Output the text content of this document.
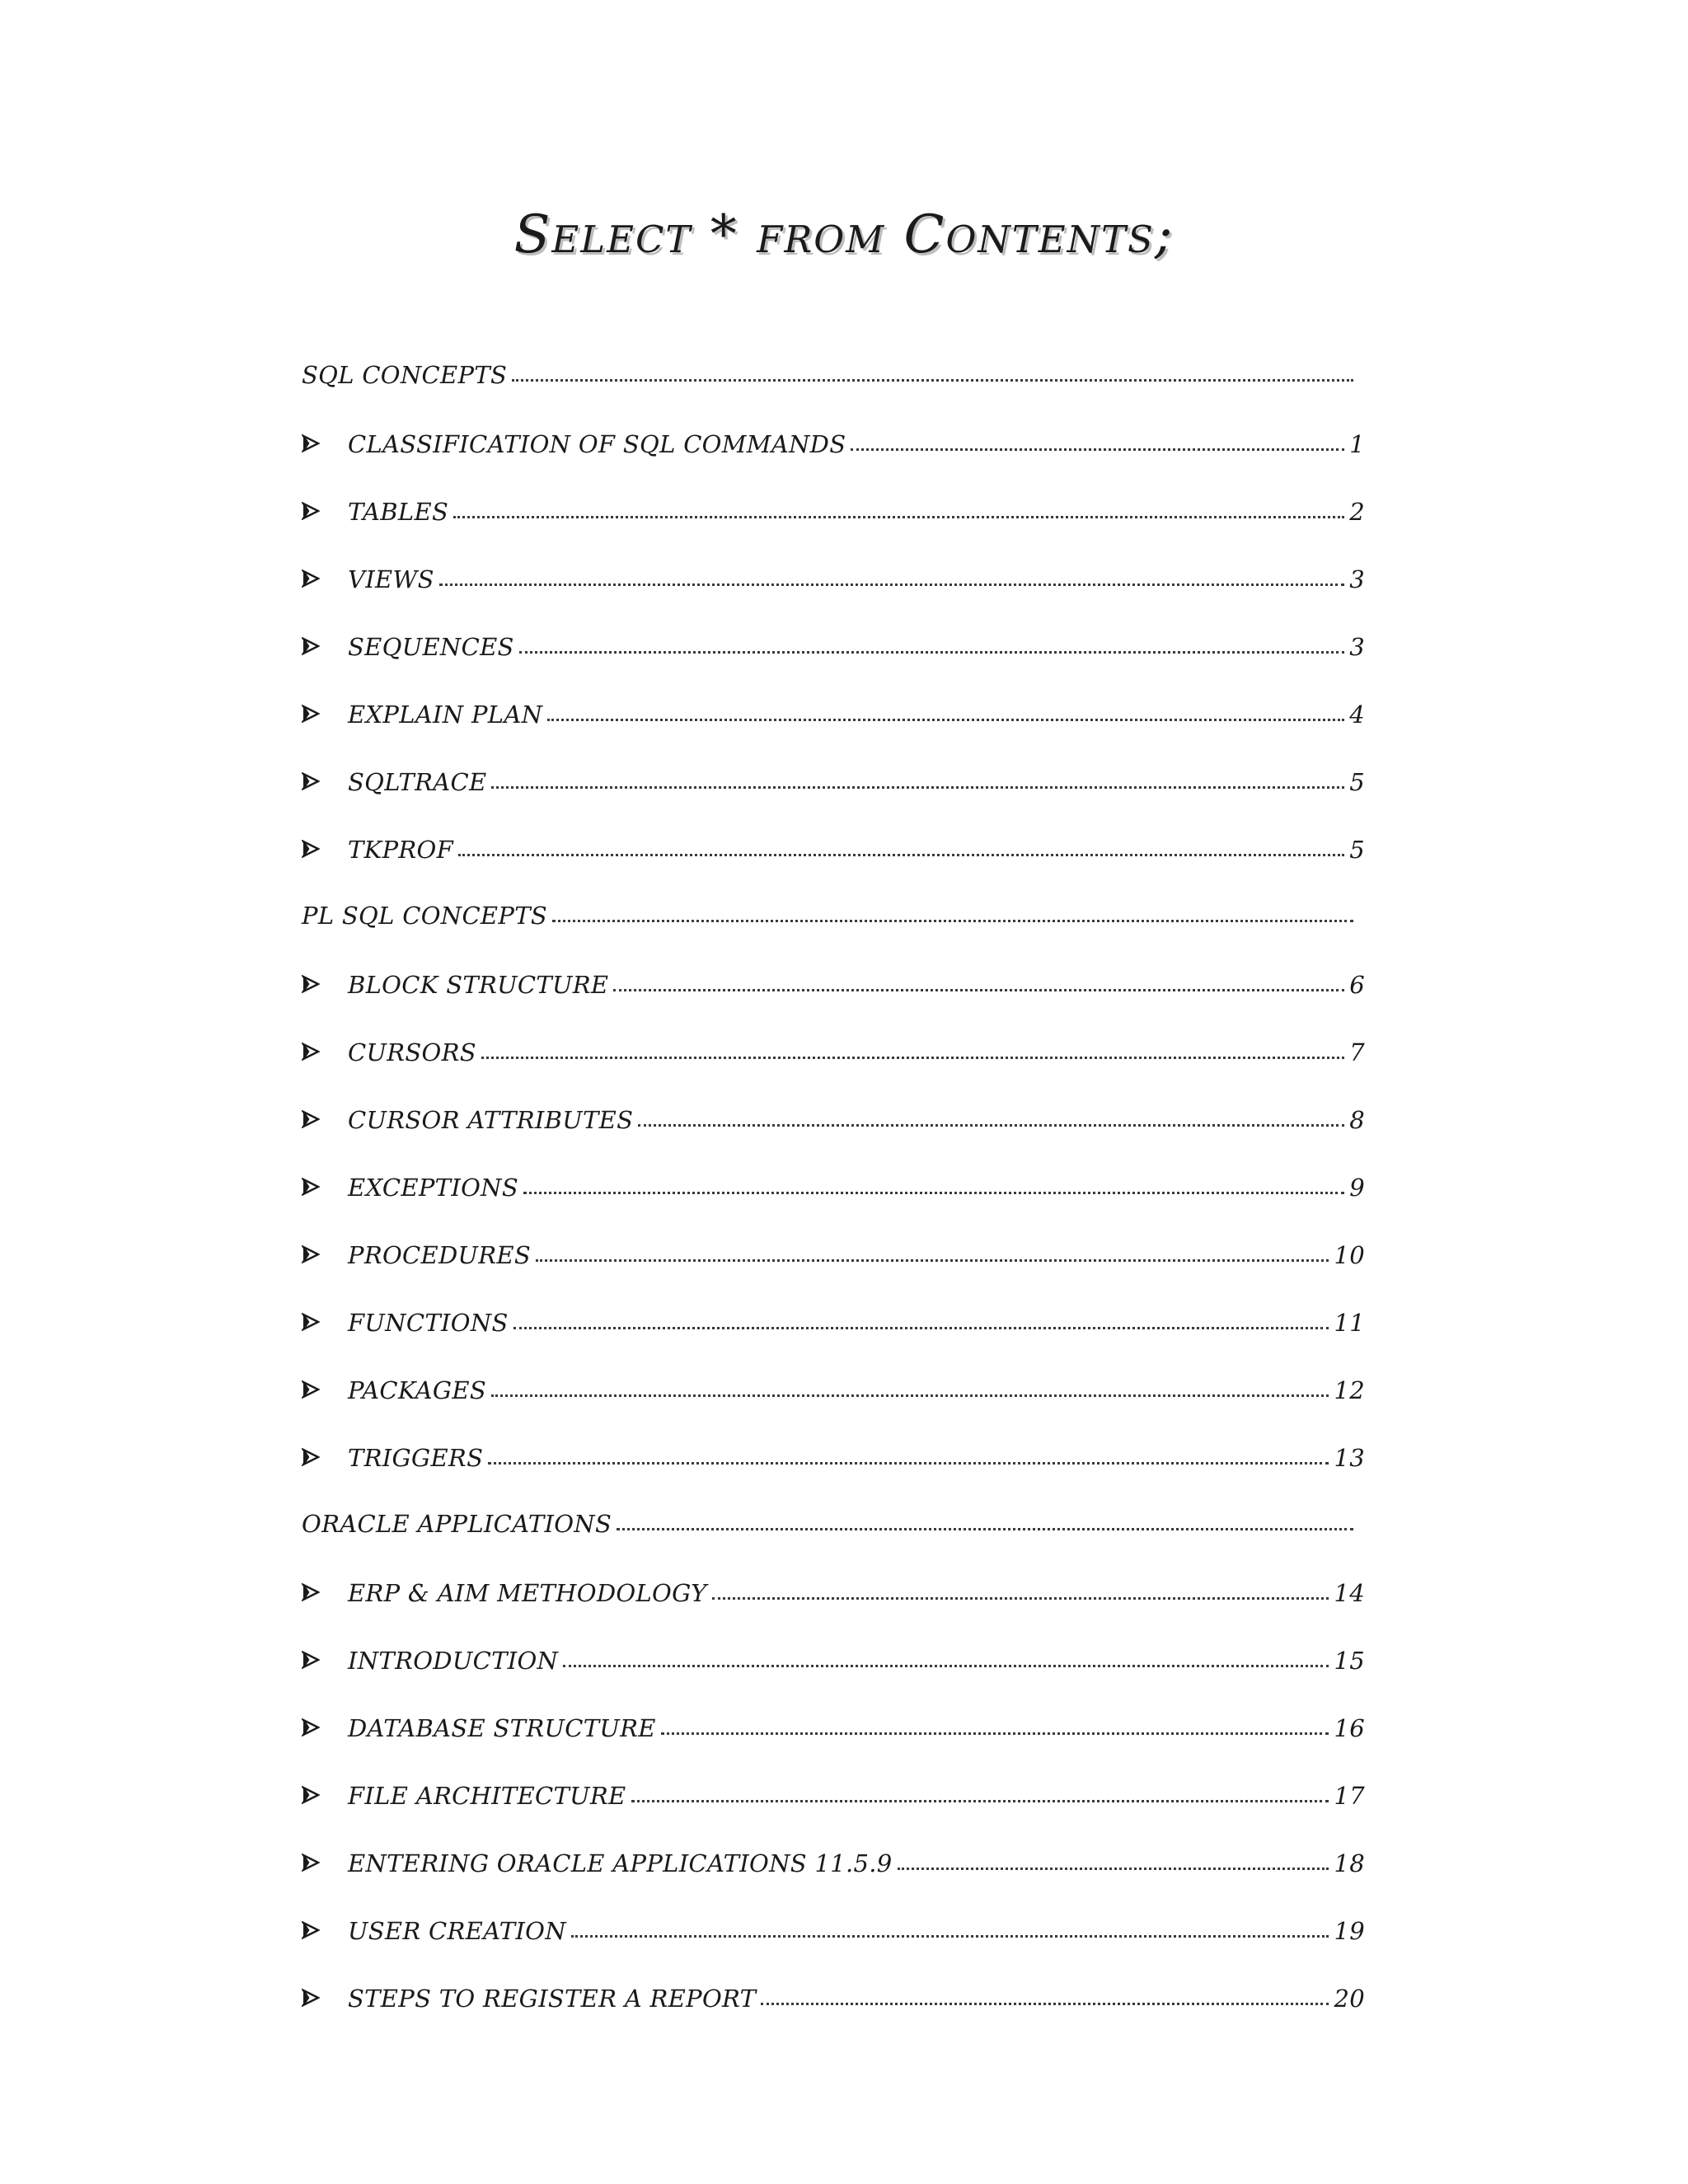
Select * from Contents;
SQL CONCEPTS
CLASSIFICATION OF SQL COMMANDS	1
TABLES	2
VIEWS	3
SEQUENCES	3
EXPLAIN PLAN	4
SQLTRACE	5
TKPROF	5
PL SQL CONCEPTS
BLOCK STRUCTURE	6
CURSORS	7
CURSOR ATTRIBUTES	8
EXCEPTIONS	9
PROCEDURES	10
FUNCTIONS	11
PACKAGES	12
TRIGGERS	13
ORACLE APPLICATIONS
ERP & AIM METHODOLOGY	14
INTRODUCTION	15
DATABASE STRUCTURE	16
FILE ARCHITECTURE	17
ENTERING ORACLE APPLICATIONS 11.5.9	18
USER CREATION	19
STEPS TO REGISTER A REPORT	20
